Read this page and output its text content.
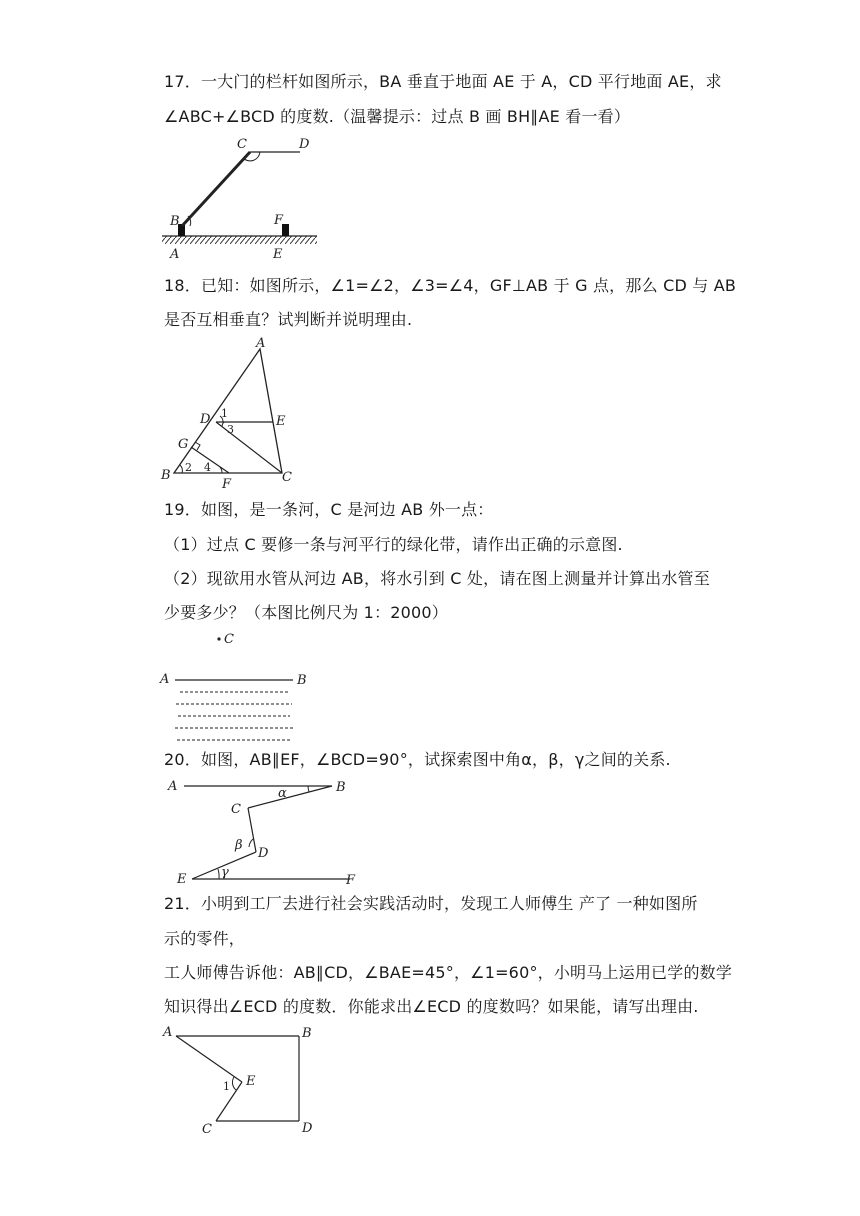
17．一大门的栏杆如图所示，BA 垂直于地面 AE 于 A，CD 平行地面 AE，求
∠ABC+∠BCD 的度数.（温馨提示：过点 B 画 BH∥AE 看一看）
C	D
B	F
A	E
18．已知：如图所示，∠1=∠2，∠3=∠4，GF⊥AB 于 G 点，那么 CD 与 AB
是否互相垂直？试判断并说明理由.
A
D	E
G
B
F	C
1
2
3
4
19．如图，是一条河，C 是河边 AB 外一点：
（1）过点 C 要修一条与河平行的绿化带，请作出正确的示意图.
（2）现欲用水管从河边 AB，将水引到 C 处，请在图上测量并计算出水管至
少要多少？（本图比例尺为 1：2000）
C
A	B
20．如图，AB∥EF，∠BCD=90°，试探索图中角α，β，γ之间的关系.
A	B
C
α
β
D
γ
E	F
21．小明到工厂去进行社会实践活动时，发现工人师傅生 产了 一种如图所
示的零件，
工人师傅告诉他：AB∥CD，∠BAE=45°，∠1=60°，小明马上运用已学的数学
知识得出∠ECD 的度数．你能求出∠ECD 的度数吗？如果能，请写出理由.
A	B
E
1
C	D
